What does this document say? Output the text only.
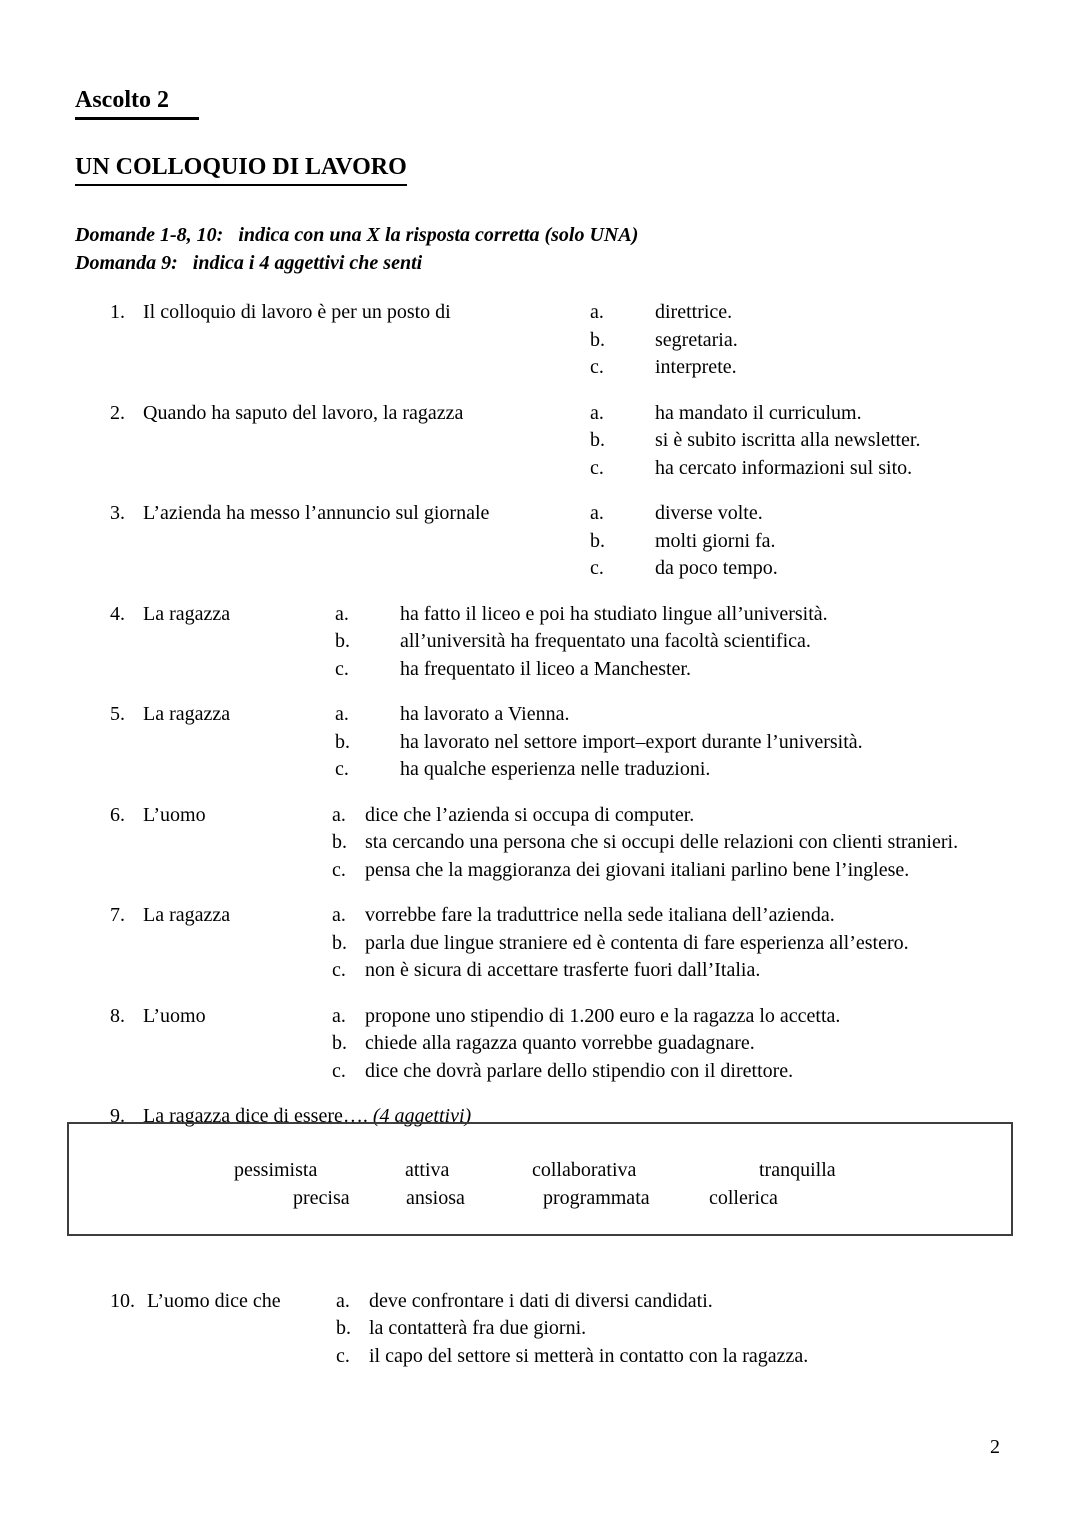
Ascolto 2
UN COLLOQUIO DI LAVORO
Domande 1-8, 10:   indica con una X la risposta corretta (solo UNA)
Domanda 9:   indica i 4 aggettivi che senti
1. Il colloquio di lavoro è per un posto di	a.	direttrice.
b.	segretaria.
c.	interprete.
2. Quando ha saputo del lavoro, la ragazza	a.	ha mandato il curriculum.
b.	si è subito iscritta alla newsletter.
c.	ha cercato informazioni sul sito.
3. L’azienda ha messo l’annuncio sul giornale	a.	diverse volte.
b.	molti giorni fa.
c.	da poco tempo.
4. La ragazza	a.	ha fatto il liceo e poi ha studiato lingue all’università.
b.	all’università ha frequentato una facoltà scientifica.
c.	ha frequentato il liceo a Manchester.
5. La ragazza	a.	ha lavorato a Vienna.
b.	ha lavorato nel settore import–export durante l’università.
c.	ha qualche esperienza nelle traduzioni.
6. L’uomo	a. dice che l’azienda si occupa di computer.
b. sta cercando una persona che si occupi delle relazioni con clienti stranieri.
c. pensa che la maggioranza dei giovani italiani parlino bene l’inglese.
7. La ragazza	a. vorrebbe fare la traduttrice nella sede italiana dell’azienda.
b. parla due lingue straniere ed è contenta di fare esperienza all’estero.
c. non è sicura di accettare trasferte fuori dall’Italia.
8. L’uomo	a. propone uno stipendio di 1.200 euro e la ragazza lo accetta.
b. chiede alla ragazza quanto vorrebbe guadagnare.
c. dice che dovrà parlare dello stipendio con il direttore.
9. La ragazza dice di essere…. (4 aggettivi)
pessimista	attiva	collaborativa	tranquilla
precisa	ansiosa	programmata	collerica
10. L’uomo dice che	a. deve confrontare i dati di diversi candidati.
b. la contatterà fra due giorni.
c. il capo del settore si metterà in contatto con la ragazza.
2
